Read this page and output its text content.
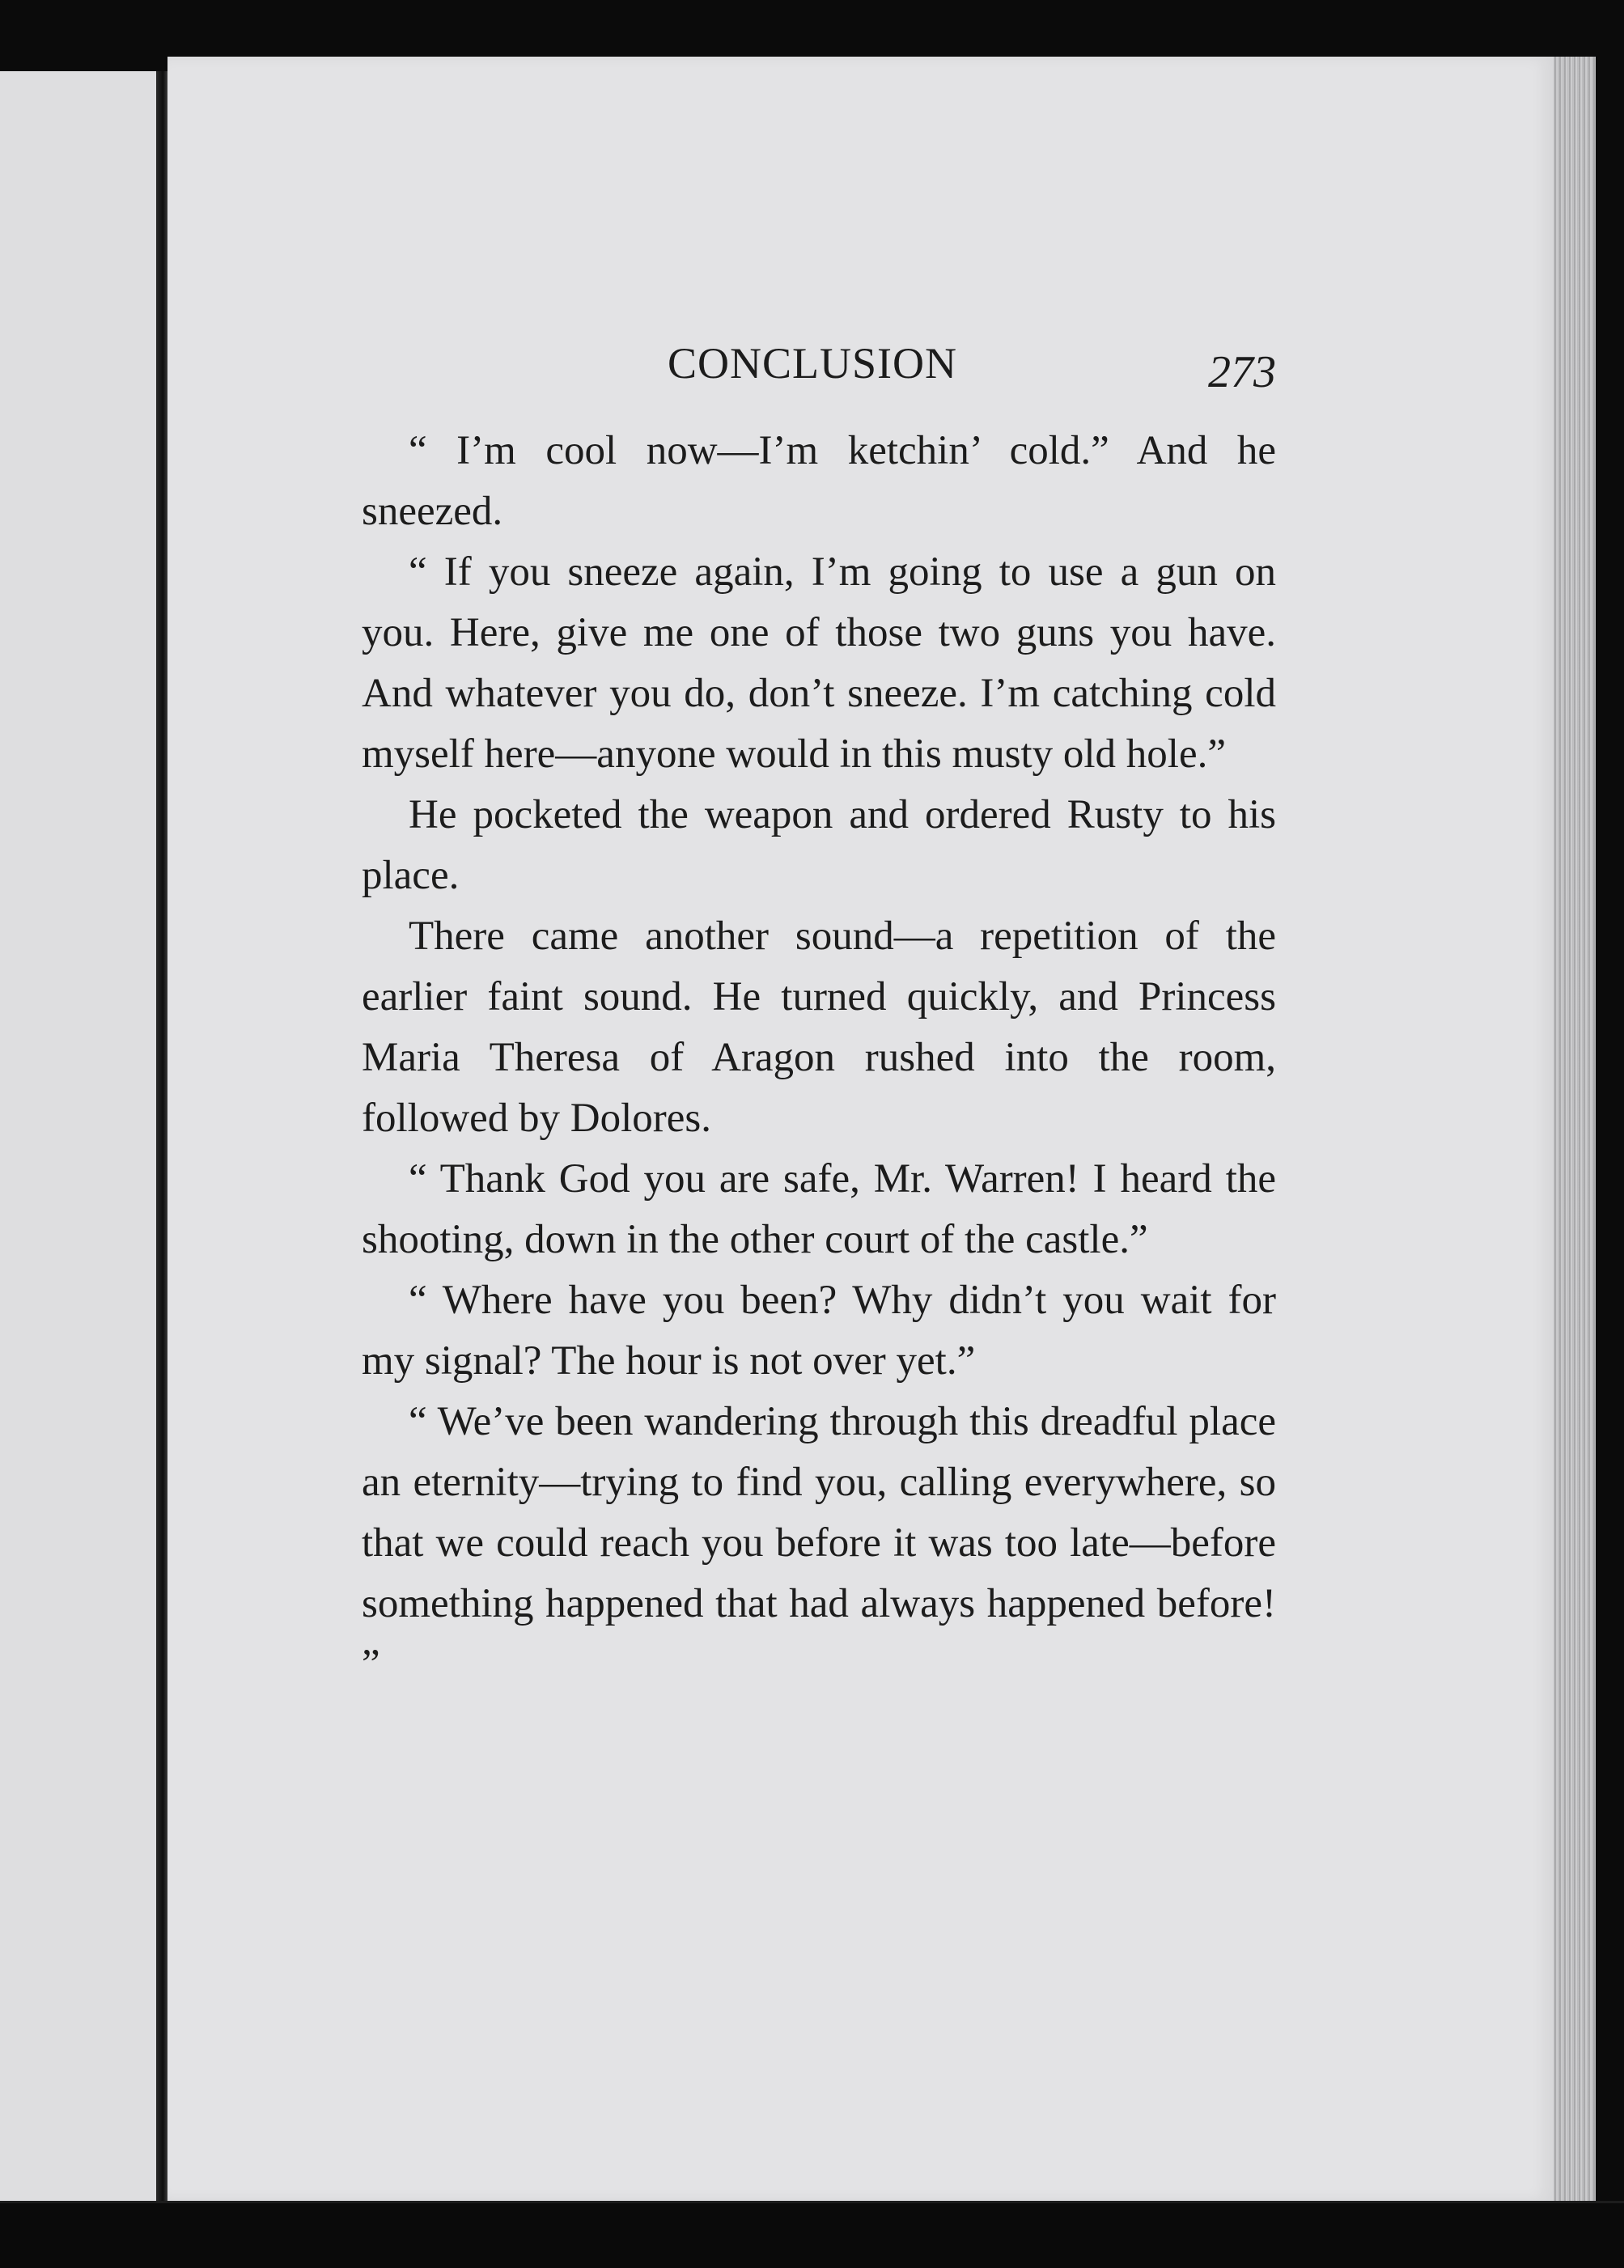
CONCLUSION	273

“ I’m cool now—I’m ketchin’ cold.” And he sneezed.

“ If you sneeze again, I’m going to use a gun on you. Here, give me one of those two guns you have. And whatever you do, don’t sneeze. I’m catching cold myself here—anyone would in this musty old hole.”

He pocketed the weapon and ordered Rusty to his place.

There came another sound—a repetition of the earlier faint sound. He turned quickly, and Princess Maria Theresa of Aragon rushed into the room, followed by Dolores.

“ Thank God you are safe, Mr. Warren! I heard the shooting, down in the other court of the castle.”

“ Where have you been? Why didn’t you wait for my signal? The hour is not over yet.”

“ We’ve been wandering through this dreadful place an eternity—trying to find you, calling everywhere, so that we could reach you before it was too late—before something happened that had always happened before! ”
